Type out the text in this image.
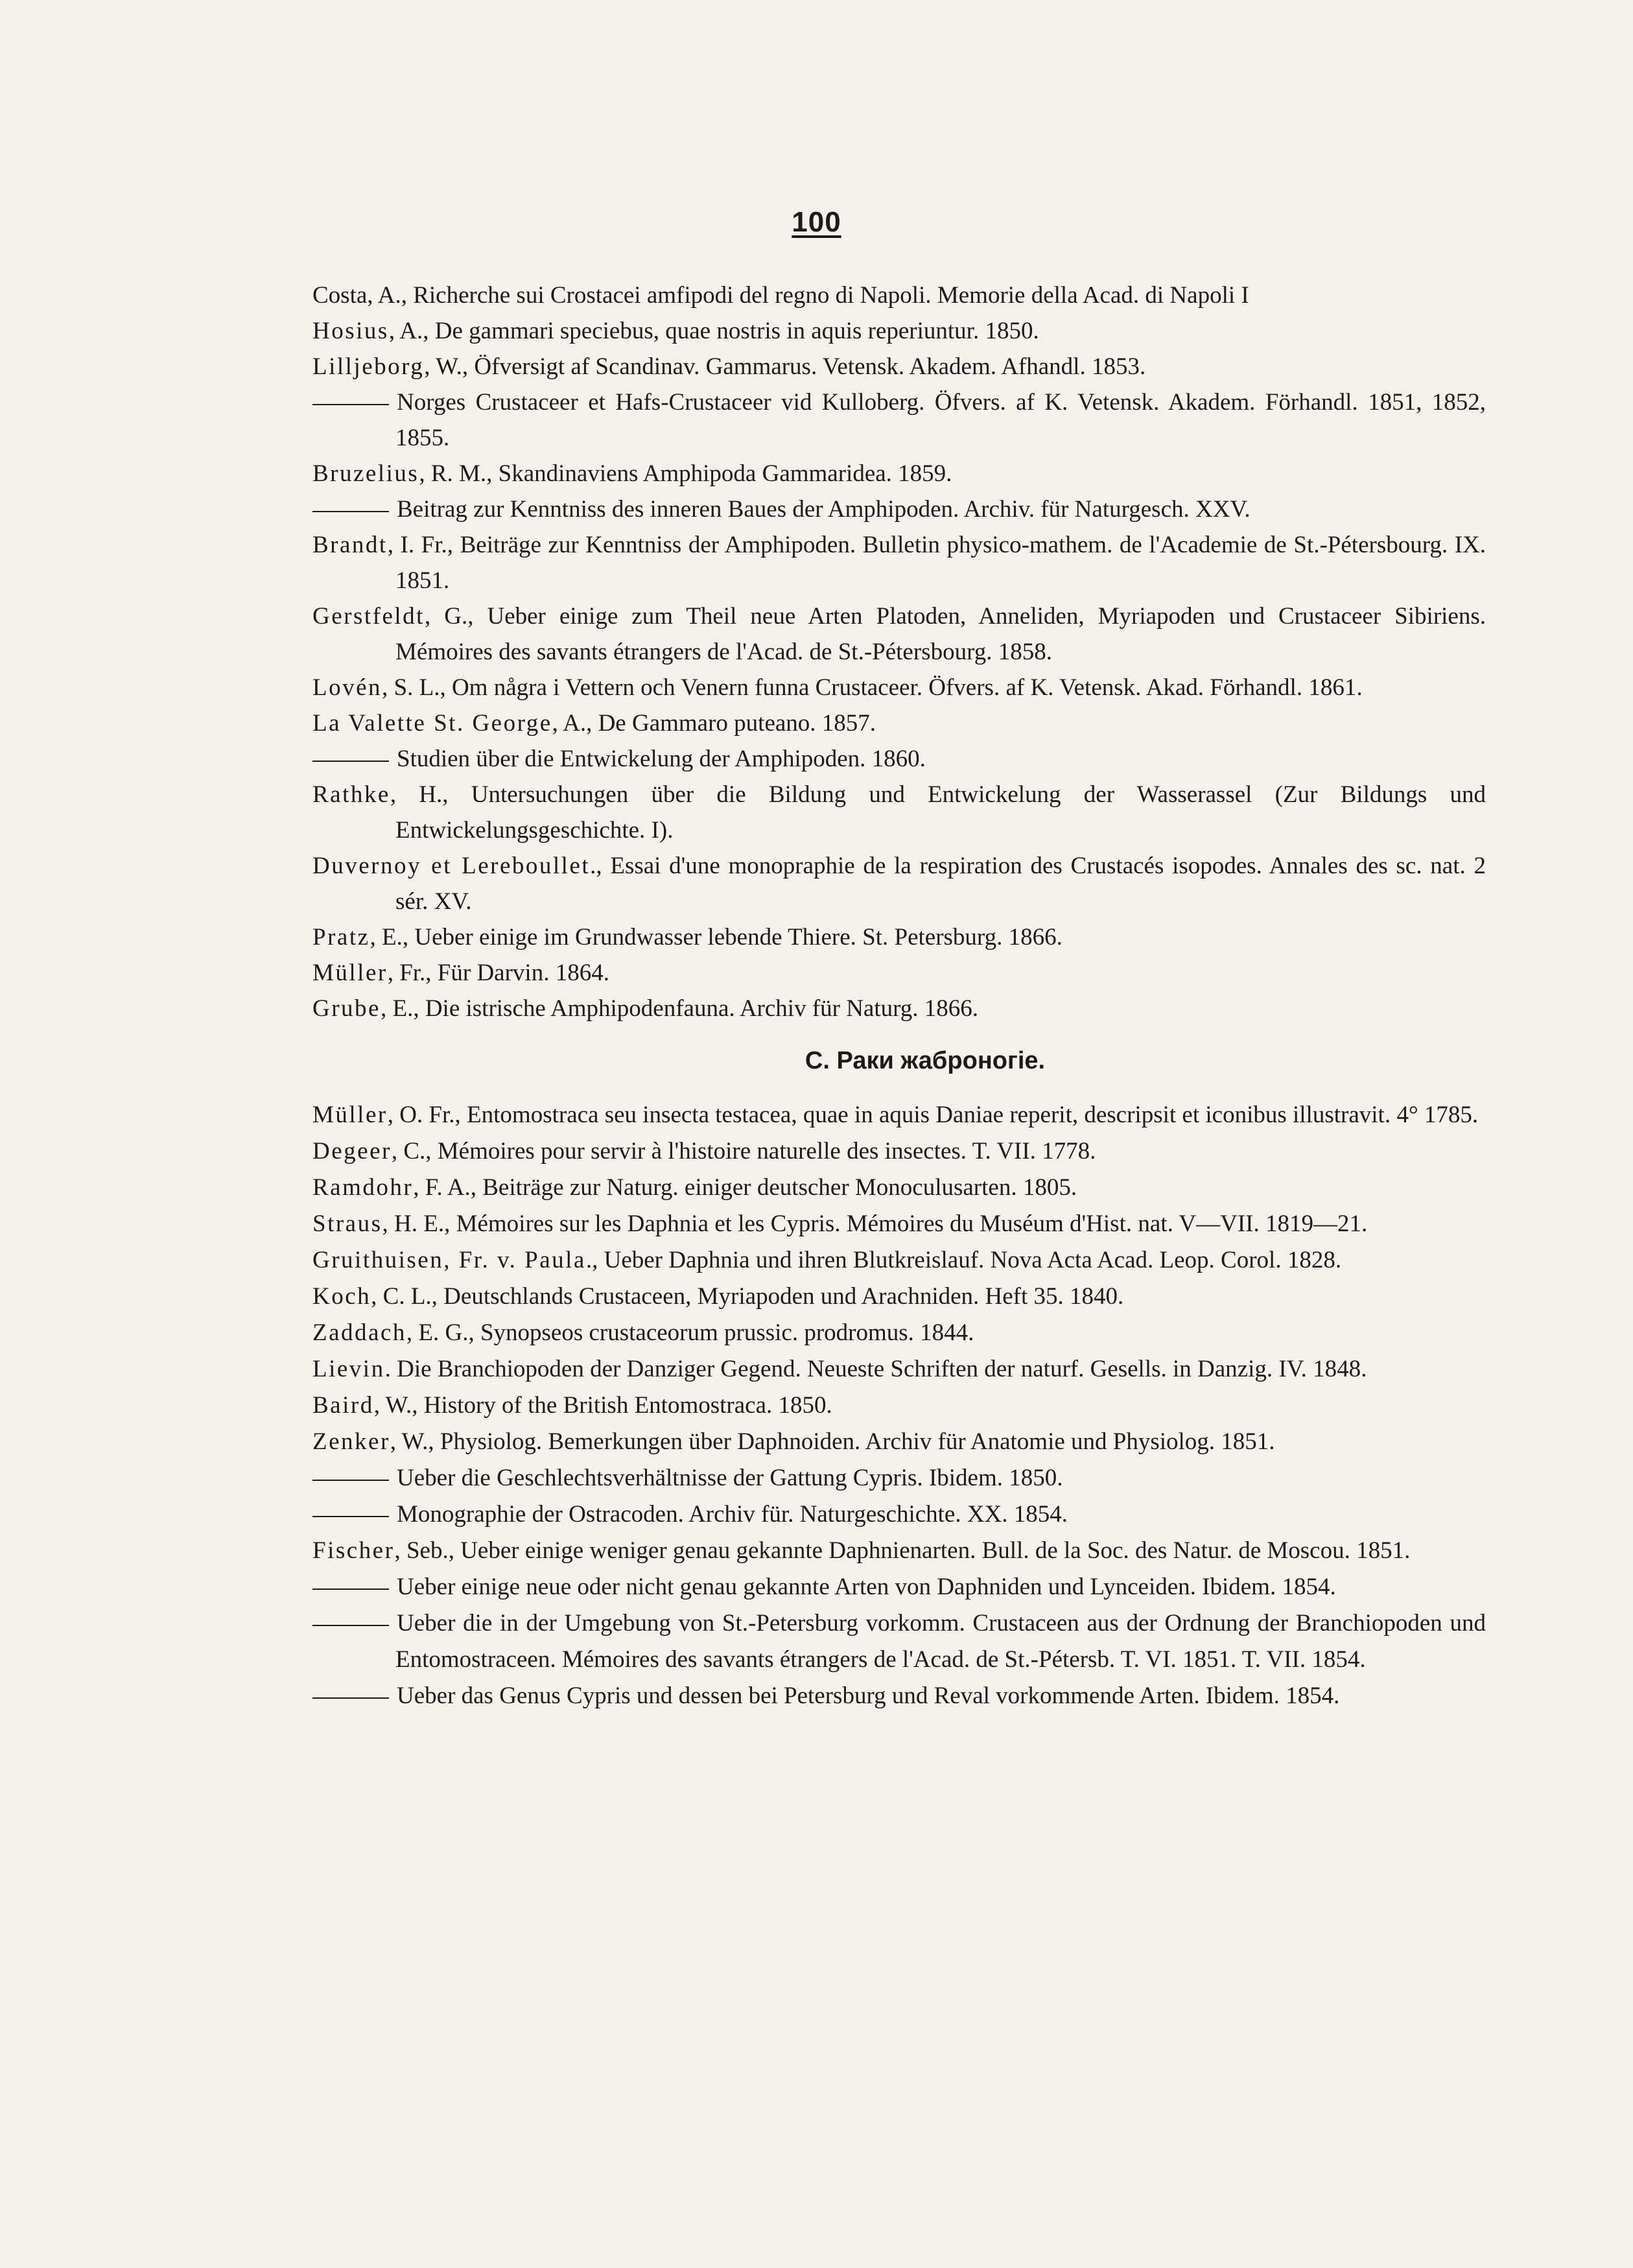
100
Costa, A., Richerche sui Crostacei amfipodi del regno di Napoli. Memorie della Acad. di Napoli I
Hosius, A., De gammari speciebus, quae nostris in aquis reperiuntur. 1850.
Lilljeborg, W., Öfversigt af Scandinav. Gammarus. Vetensk. Akadem. Afhandl. 1853.
Norges Crustaceer et Hafs-Crustaceer vid Kulloberg. Öfvers. af K. Vetensk. Akadem. Förhandl. 1851, 1852, 1855.
Bruzelius, R. M., Skandinaviens Amphipoda Gammaridea. 1859.
Beitrag zur Kenntniss des inneren Baues der Amphipoden. Archiv. für Naturgesch. XXV.
Brandt, I. Fr., Beiträge zur Kenntniss der Amphipoden. Bulletin physico-mathem. de l'Academie de St.-Pétersbourg. IX. 1851.
Gerstfeldt, G., Ueber einige zum Theil neue Arten Platoden, Anneliden, Myriapoden und Crustaceer Sibiriens. Mémoires des savants étrangers de l'Acad. de St.-Pétersbourg. 1858.
Lovén, S. L., Om några i Vettern och Venern funna Crustaceer. Öfvers. af K. Vetensk. Akad. Förhandl. 1861.
La Valette St. George, A., De Gammaro puteano. 1857.
Studien über die Entwickelung der Amphipoden. 1860.
Rathke, H., Untersuchungen über die Bildung und Entwickelung der Wasserassel (Zur Bildungs und Entwickelungsgeschichte. I).
Duvernoy et Lereboullet., Essai d'une monopraphie de la respiration des Crustacés isopodes. Annales des sc. nat. 2 sér. XV.
Pratz, E., Ueber einige im Grundwasser lebende Thiere. St. Petersburg. 1866.
Müller, Fr., Für Darvin. 1864.
Grube, E., Die istrische Amphipodenfauna. Archiv für Naturg. 1866.
C. Раки жаброногіе.
Müller, O. Fr., Entomostraca seu insecta testacea, quae in aquis Daniae reperit, descripsit et iconibus illustravit. 4° 1785.
Degeer, C., Mémoires pour servir à l'histoire naturelle des insectes. T. VII. 1778.
Ramdohr, F. A., Beiträge zur Naturg. einiger deutscher Monoculusarten. 1805.
Straus, H. E., Mémoires sur les Daphnia et les Cypris. Mémoires du Muséum d'Hist. nat. V—VII. 1819—21.
Gruithuisen, Fr. v. Paula., Ueber Daphnia und ihren Blutkreislauf. Nova Acta Acad. Leop. Corol. 1828.
Koch, C. L., Deutschlands Crustaceen, Myriapoden und Arachniden. Heft 35. 1840.
Zaddach, E. G., Synopseos crustaceorum prussic. prodromus. 1844.
Lievin. Die Branchiopoden der Danziger Gegend. Neueste Schriften der naturf. Gesells. in Danzig. IV. 1848.
Baird, W., History of the British Entomostraca. 1850.
Zenker, W., Physiolog. Bemerkungen über Daphnoiden. Archiv für Anatomie und Physiolog. 1851.
Ueber die Geschlechtsverhältnisse der Gattung Cypris. Ibidem. 1850.
Monographie der Ostracoden. Archiv für. Naturgeschichte. XX. 1854.
Fischer, Seb., Ueber einige weniger genau gekannte Daphnienarten. Bull. de la Soc. des Natur. de Moscou. 1851.
Ueber einige neue oder nicht genau gekannte Arten von Daphniden und Lynceiden. Ibidem. 1854.
Ueber die in der Umgebung von St.-Petersburg vorkomm. Crustaceen aus der Ordnung der Branchiopoden und Entomostraceen. Mémoires des savants étrangers de l'Acad. de St.-Pétersb. T. VI. 1851. T. VII. 1854.
Ueber das Genus Cypris und dessen bei Petersburg und Reval vorkommende Arten. Ibidem. 1854.
